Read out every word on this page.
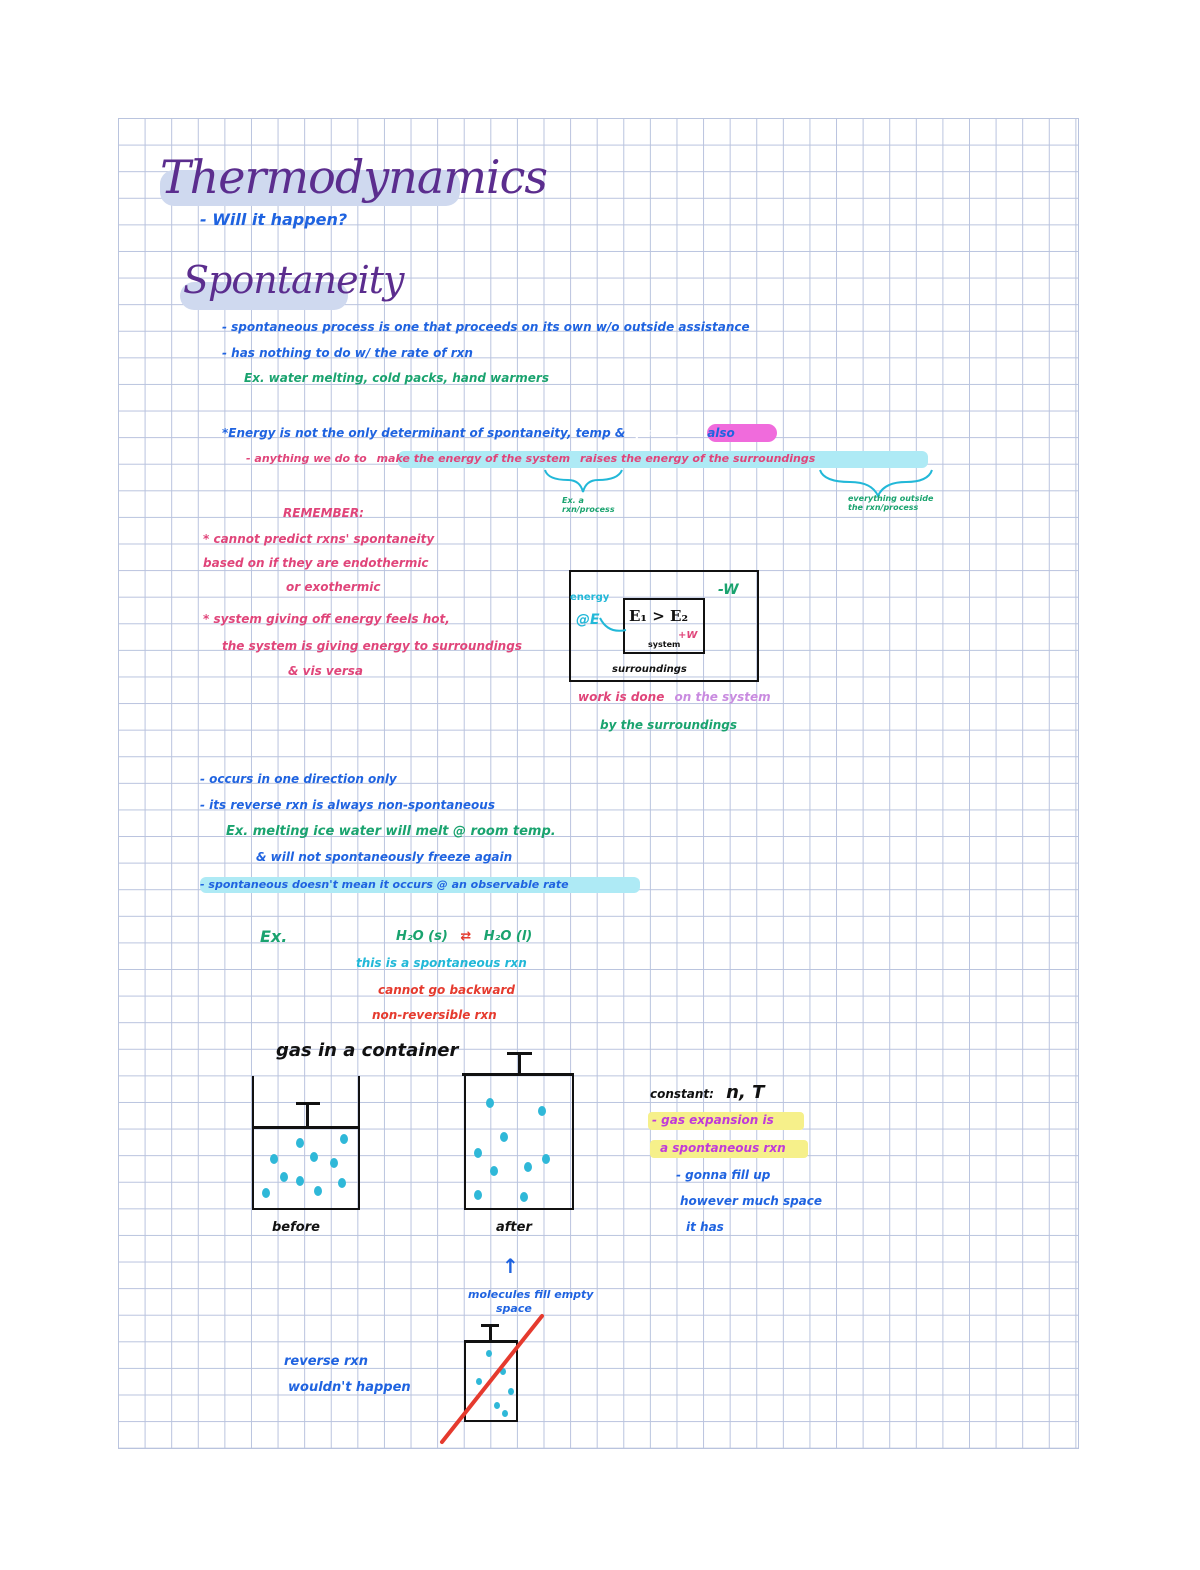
Thermodynamics
- Will it happen?
Spontaneity
- spontaneous process is one that proceeds on its own w/o outside assistance
- has nothing to do w/ the rate of rxn
Ex. water melting, cold packs, hand warmers
*Energy is not the only determinant of spontaneity, temp & pressure also
- anything we do to make the energy of the system raises the energy of the surroundings
Ex. a rxn/process
everything outside the rxn/process
REMEMBER:
* cannot predict rxns' spontaneity
based on if they are endothermic
or exothermic
* system giving off energy feels hot,
the system is giving energy to surroundings
& vis versa
energy
@E E₁ > E₂
system
-W
+W
surroundings
work is done on the system
by the surroundings
- occurs in one direction only
- its reverse rxn is always non-spontaneous
Ex. melting ice water will melt @ room temp.
& will not spontaneously freeze again
- spontaneous doesn't mean it occurs @ an observable rate
Ex.	H₂O (s) ⇄ H₂O (l)
this is a spontaneous rxn
cannot go backward
non-reversible rxn
gas in a container
before	after
↑
molecules fill empty
space
reverse rxn
wouldn't happen
constant: n, T
- gas expansion is
a spontaneous rxn
- gonna fill up
however much space
it has
